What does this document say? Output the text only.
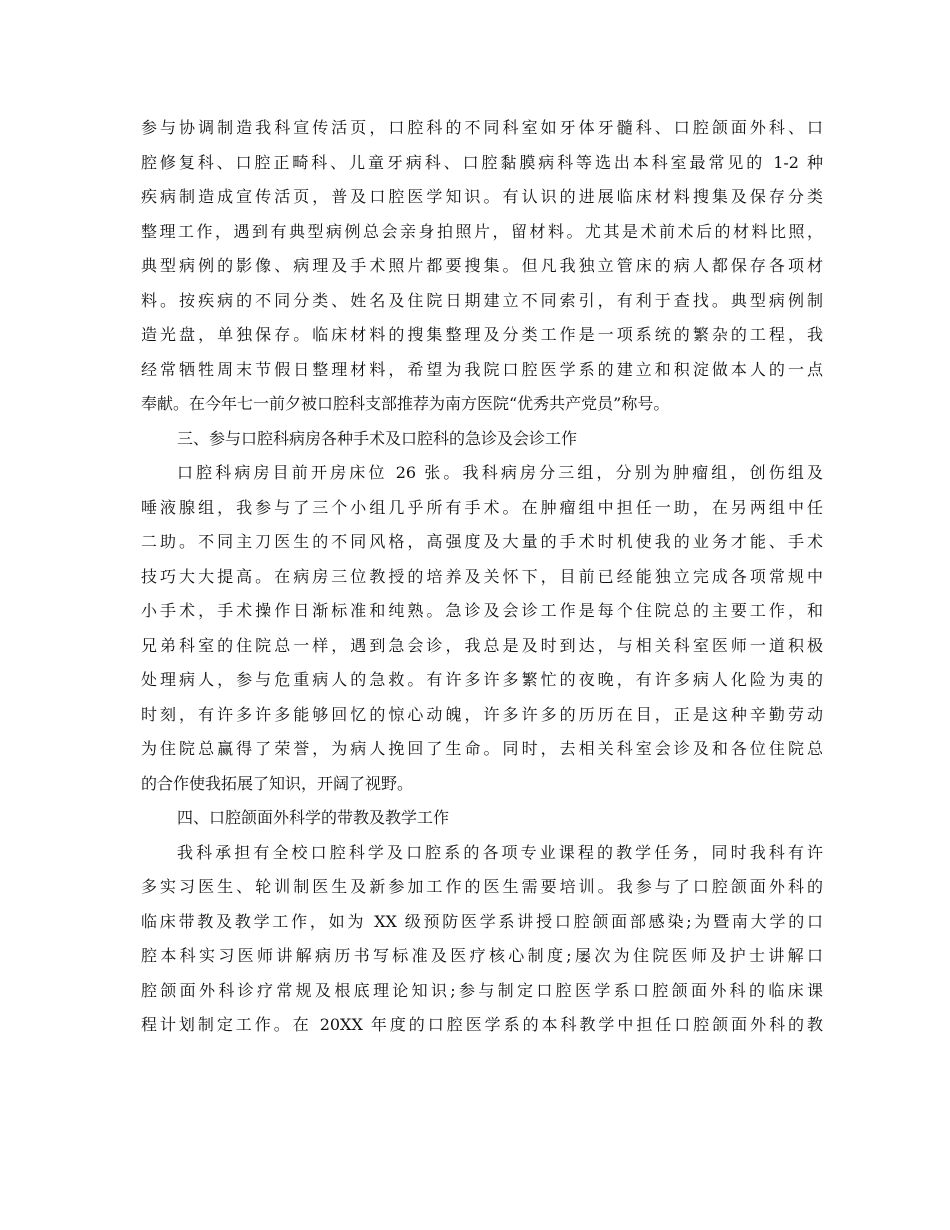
参与协调制造我科宣传活页，口腔科的不同科室如牙体牙髓科、口腔颌面外科、口
腔修复科、口腔正畸科、儿童牙病科、口腔黏膜病科等选出本科室最常见的 1-2 种
疾病制造成宣传活页，普及口腔医学知识。有认识的进展临床材料搜集及保存分类
整理工作，遇到有典型病例总会亲身拍照片，留材料。尤其是术前术后的材料比照，
典型病例的影像、病理及手术照片都要搜集。但凡我独立管床的病人都保存各项材
料。按疾病的不同分类、姓名及住院日期建立不同索引，有利于查找。典型病例制
造光盘，单独保存。临床材料的搜集整理及分类工作是一项系统的繁杂的工程，我
经常牺牲周末节假日整理材料，希望为我院口腔医学系的建立和积淀做本人的一点
奉献。在今年七一前夕被口腔科支部推荐为南方医院“优秀共产党员”称号。
三、参与口腔科病房各种手术及口腔科的急诊及会诊工作
口腔科病房目前开房床位 26 张。我科病房分三组，分别为肿瘤组，创伤组及
唾液腺组，我参与了三个小组几乎所有手术。在肿瘤组中担任一助，在另两组中任
二助。不同主刀医生的不同风格，高强度及大量的手术时机使我的业务才能、手术
技巧大大提高。在病房三位教授的培养及关怀下，目前已经能独立完成各项常规中
小手术，手术操作日渐标准和纯熟。急诊及会诊工作是每个住院总的主要工作，和
兄弟科室的住院总一样，遇到急会诊，我总是及时到达，与相关科室医师一道积极
处理病人，参与危重病人的急救。有许多许多繁忙的夜晚，有许多病人化险为夷的
时刻，有许多许多能够回忆的惊心动魄，许多许多的历历在目，正是这种辛勤劳动
为住院总赢得了荣誉，为病人挽回了生命。同时，去相关科室会诊及和各位住院总
的合作使我拓展了知识，开阔了视野。
四、口腔颌面外科学的带教及教学工作
我科承担有全校口腔科学及口腔系的各项专业课程的教学任务，同时我科有许
多实习医生、轮训制医生及新参加工作的医生需要培训。我参与了口腔颌面外科的
临床带教及教学工作，如为 XX 级预防医学系讲授口腔颌面部感染;为暨南大学的口
腔本科实习医师讲解病历书写标准及医疗核心制度;屡次为住院医师及护士讲解口
腔颌面外科诊疗常规及根底理论知识;参与制定口腔医学系口腔颌面外科的临床课
程计划制定工作。在 20XX 年度的口腔医学系的本科教学中担任口腔颌面外科的教
